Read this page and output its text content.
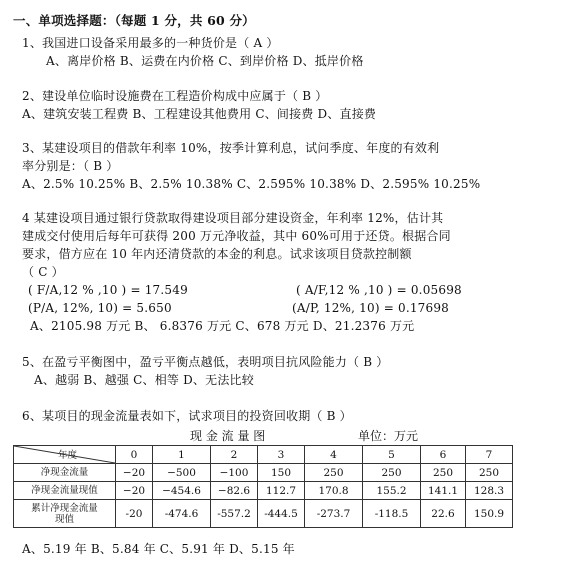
一、单项选择题：（每题 1 分，共 60 分）
1、我国进口设备采用最多的一种货价是（ A ）
A、离岸价格 B、运费在内价格 C、到岸价格 D、抵岸价格
2、建设单位临时设施费在工程造价构成中应属于（ B ）
A、建筑安装工程费 B、工程建设其他费用 C、间接费 D、直接费
3、某建设项目的借款年利率 10%，按季计算利息，试问季度、年度的有效利
率分别是：（ B ）
A、2.5% 10.25% B、2.5% 10.38% C、2.595% 10.38% D、2.595% 10.25%
4 某建设项目通过银行贷款取得建设项目部分建设资金，年利率 12%，估计其
建成交付使用后每年可获得 200 万元净收益，其中 60%可用于还贷。根据合同
要求，借方应在 10 年内还清贷款的本金的利息。试求该项目贷款控制额
（ C ）
( F/A,12 % ,10 ) = 17.549	( A/F,12 % ,10 ) = 0.05698
(P/A, 12%, 10) = 5.650	(A/P, 12%, 10) = 0.17698
A、2105.98 万元 B、 6.8376 万元 C、678 万元 D、21.2376 万元
5、在盈亏平衡图中，盈亏平衡点越低，表明项目抗风险能力（ B ）
A、越弱 B、越强 C、相等 D、无法比较
6、某项目的现金流量表如下，试求项目的投资回收期（ B ）
现 金 流 量 图	单位：万元
年度	0	1	2	3	4	5	6	7
净现金流量	−20	−500	−100	150	250	250	250	250
净现金流量现值	−20	−454.6	−82.6	112.7	170.8	155.2	141.1	128.3

累计净现金流量
现值	-20	-474.6	-557.2	-444.5	-273.7	-118.5	22.6	150.9
A、5.19 年 B、5.84 年 C、5.91 年 D、5.15 年
